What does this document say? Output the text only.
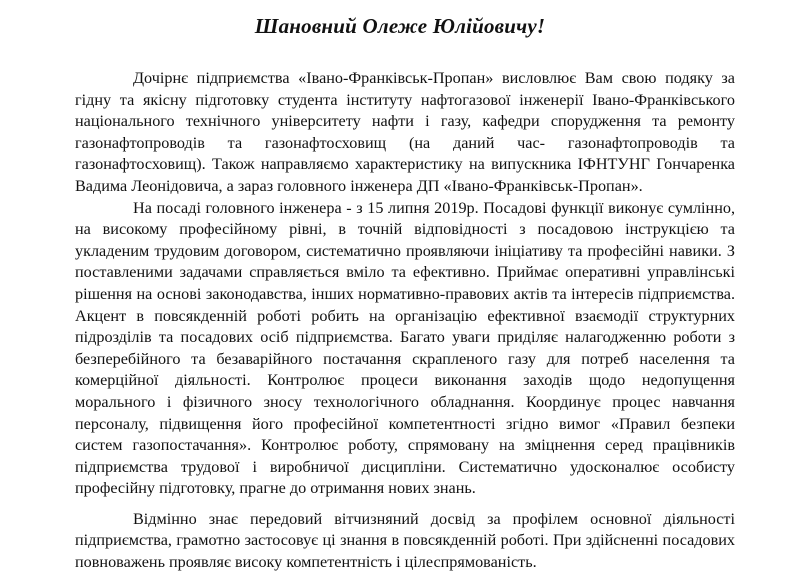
Шановний Олеже Юлійовичу!
Дочірнє підприємства «Івано-Франківськ-Пропан» висловлює Вам свою подяку за
гідну та якісну підготовку студента інституту нафтогазової інженерії Івано-Франківського
національного технічного університету нафти і газу, кафедри спорудження та ремонту
газонафтопроводів та газонафтосховищ (на даний час- газонафтопроводів та
газонафтосховищ). Також направляємо характеристику на випускника ІФНТУНГ Гончаренка
Вадима Леонідовича, а зараз головного інженера ДП «Івано-Франківськ-Пропан».
На посаді головного інженера - з 15 липня 2019р. Посадові функції виконує сумлінно,
на високому професійному рівні, в точній відповідності з посадовою інструкцією та
укладеним трудовим договором, систематично проявляючи ініціативу та професійні навики. З
поставленими задачами справляється вміло та ефективно. Приймає оперативні управлінські
рішення на основі законодавства, інших нормативно-правових актів та інтересів підприємства.
Акцент в повсякденній роботі робить на організацію ефективної взаємодії структурних
підрозділів та посадових осіб підприємства. Багато уваги приділяє налагодженню роботи з
безперебійного та безаварійного постачання скрапленого газу для потреб населення та
комерційної діяльності. Контролює процеси виконання заходів щодо недопущення
морального і фізичного зносу технологічного обладнання. Координує процес навчання
персоналу, підвищення його професійної компетентності згідно вимог «Правил безпеки
систем газопостачання». Контролює роботу, спрямовану на зміцнення серед працівників
підприємства трудової і виробничої дисципліни. Систематично удосконалює особисту
професійну підготовку, прагне до отримання нових знань.
Відмінно знає передовий вітчизняний досвід за профілем основної діяльності
підприємства, грамотно застосовує ці знання в повсякденній роботі. При здійсненні посадових
повноважень проявляє високу компетентність і цілеспрямованість.
